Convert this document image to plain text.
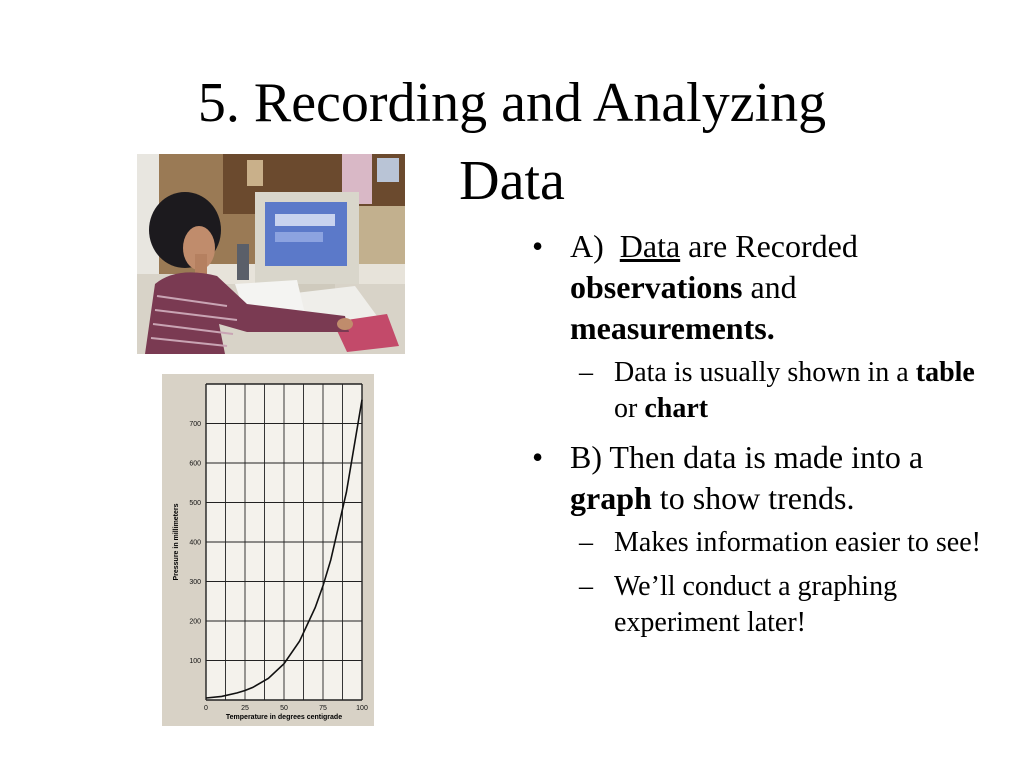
5. Recording and Analyzing
Data
100
200
300
400
500
600
700
0	25	50	75	100
Pressure in millimeters
Temperature in degrees centigrade
• A) Data are Recorded observations and measurements.
– Data is usually shown in a table or chart
• B) Then data is made into a graph to show trends.
– Makes information easier to see!
– We’ll conduct a graphing experiment later!
